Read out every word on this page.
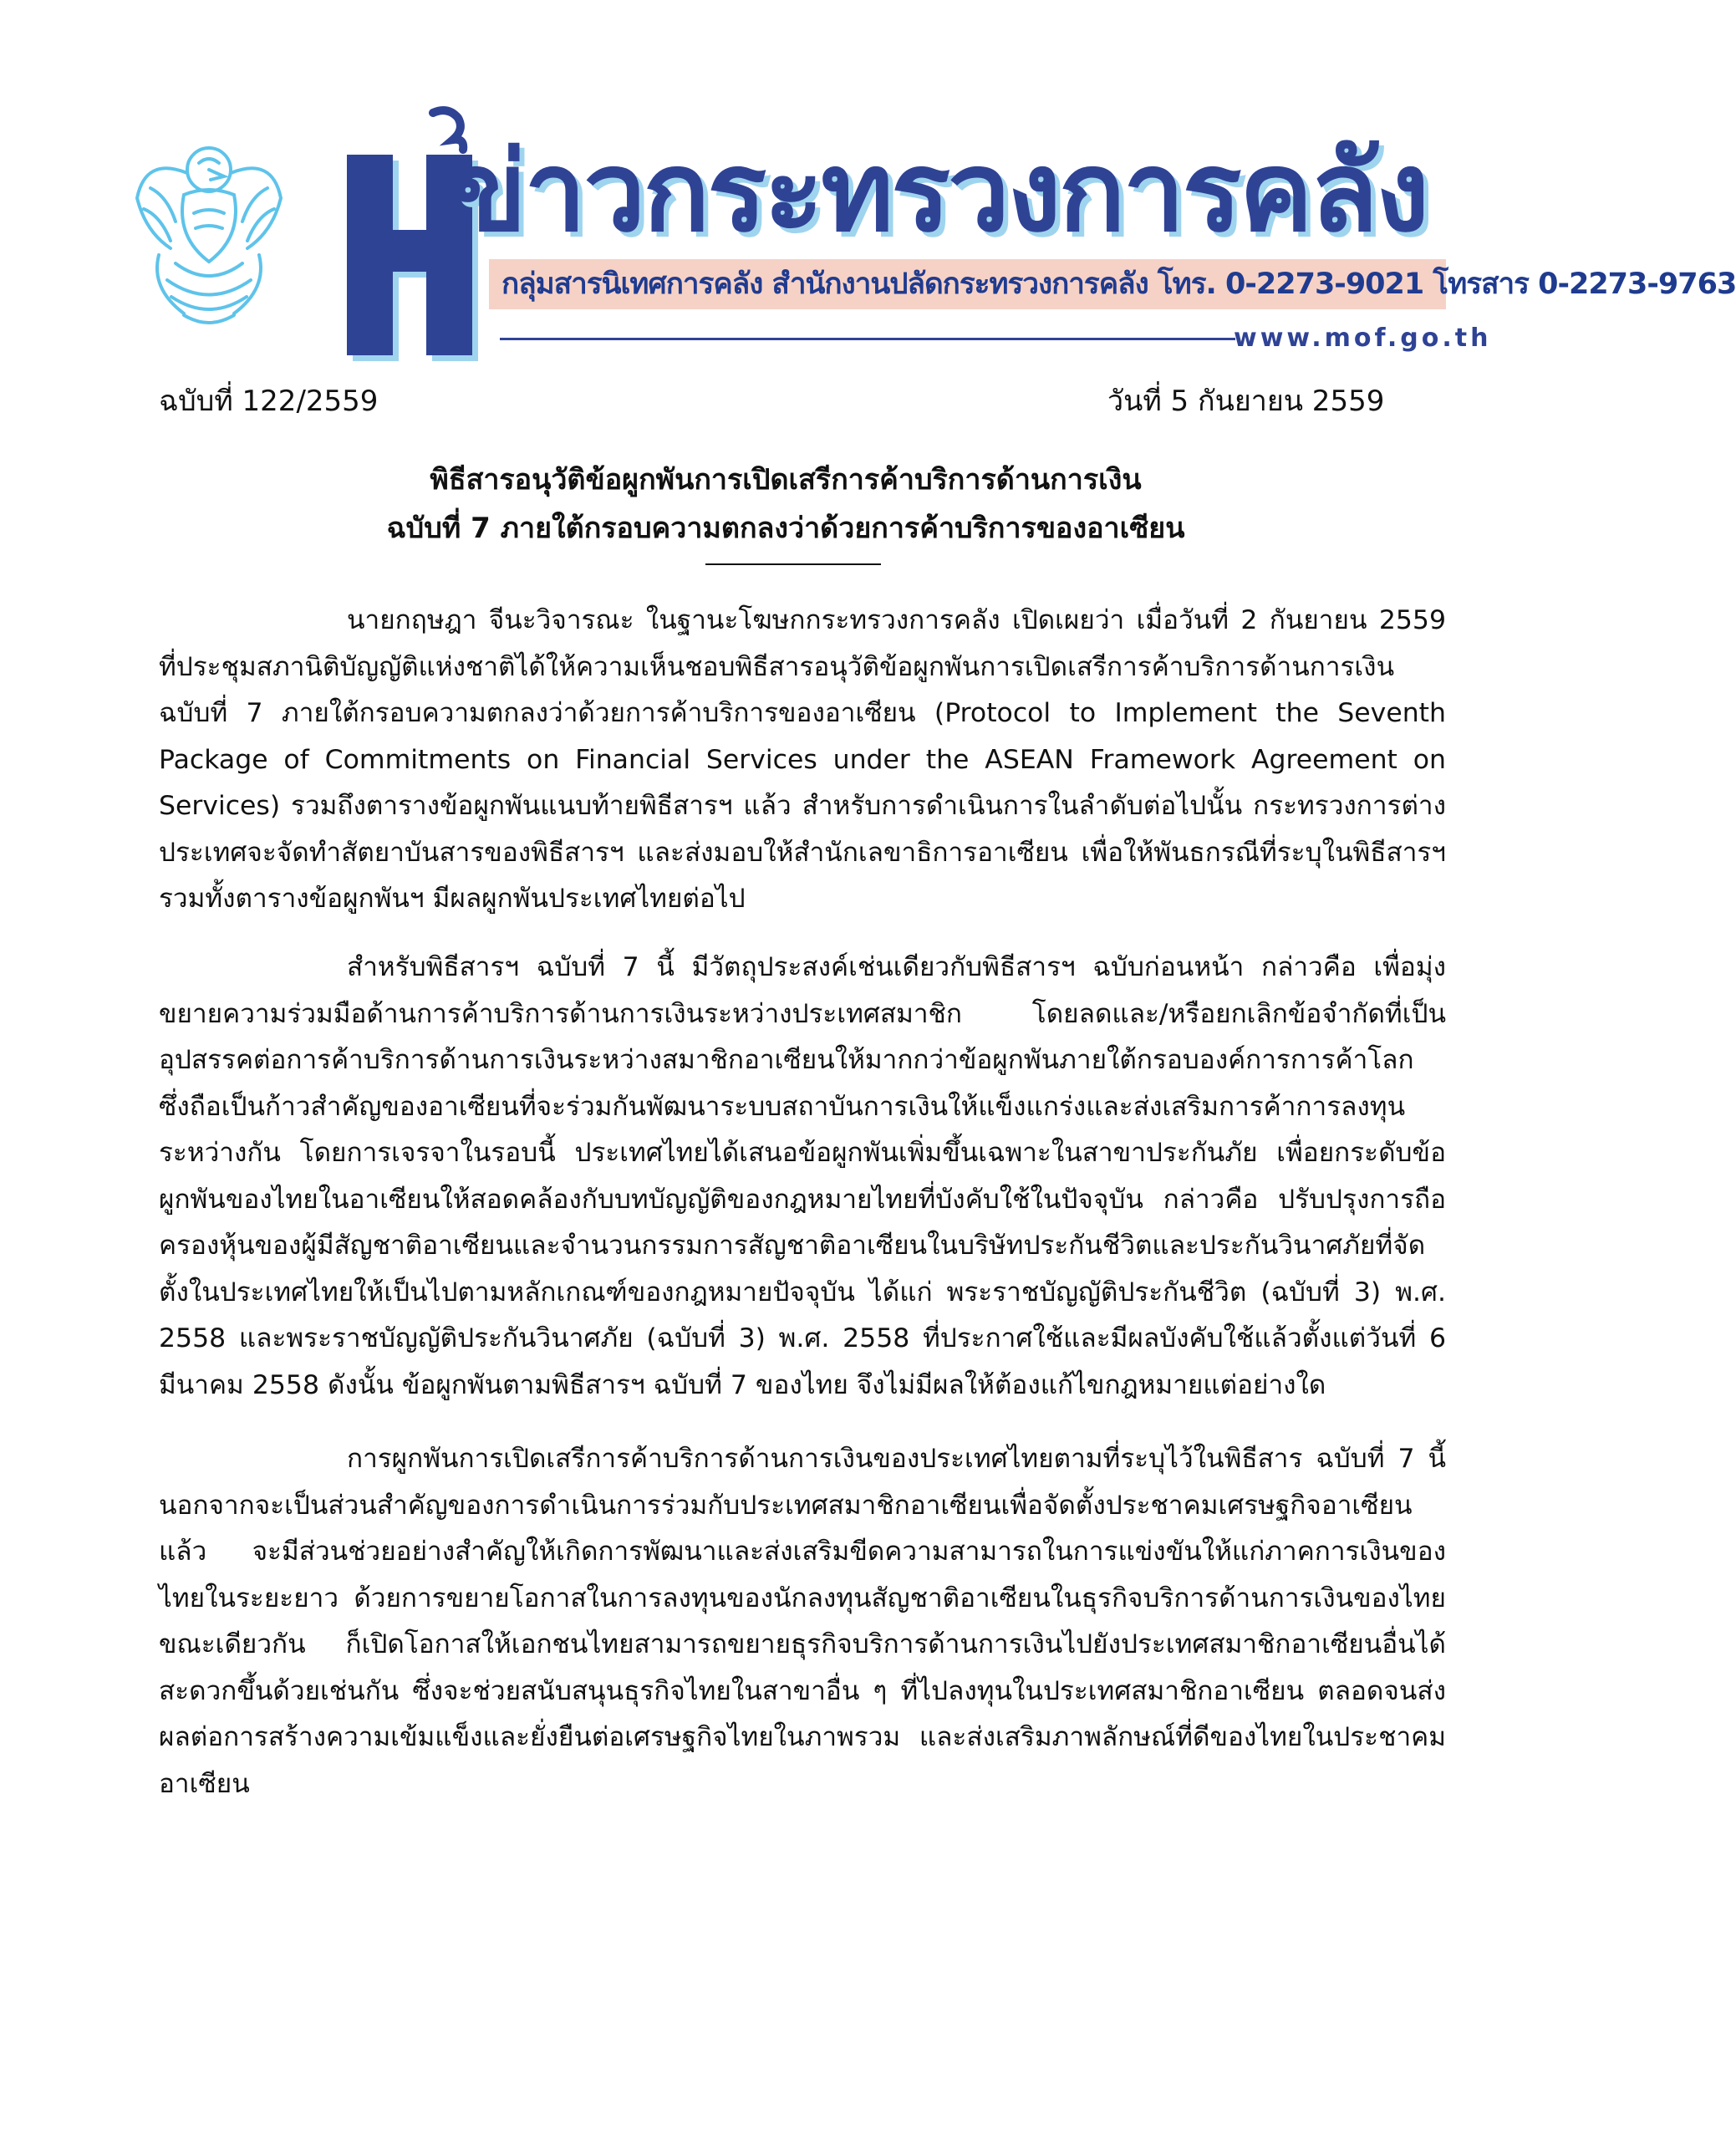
ข่าวกระทรวงการคลัง
กลุ่มสารนิเทศการคลัง สำนักงานปลัดกระทรวงการคลัง โทร. 0-2273-9021 โทรสาร 0-2273-9763
www.mof.go.th
ฉบับที่ 122/2559	วันที่ 5 กันยายน 2559
พิธีสารอนุวัติข้อผูกพันการเปิดเสรีการค้าบริการด้านการเงิน
ฉบับที่ 7 ภายใต้กรอบความตกลงว่าด้วยการค้าบริการของอาเซียน
นายกฤษฎา จีนะวิจารณะ ในฐานะโฆษกกระทรวงการคลัง เปิดเผยว่า เมื่อวันที่ 2 กันยายน 2559 ที่ประชุมสภานิติบัญญัติแห่งชาติได้ให้ความเห็นชอบพิธีสารอนุวัติข้อผูกพันการเปิดเสรีการค้าบริการด้านการเงิน ฉบับที่ 7 ภายใต้กรอบความตกลงว่าด้วยการค้าบริการของอาเซียน (Protocol to Implement the Seventh Package of Commitments on Financial Services under the ASEAN Framework Agreement on Services) รวมถึงตารางข้อผูกพันแนบท้ายพิธีสารฯ แล้ว สำหรับการดำเนินการในลำดับต่อไปนั้น กระทรวงการต่างประเทศจะจัดทำสัตยาบันสารของพิธีสารฯ และส่งมอบให้สำนักเลขาธิการอาเซียน เพื่อให้พันธกรณีที่ระบุในพิธีสารฯ รวมทั้งตารางข้อผูกพันฯ มีผลผูกพันประเทศไทยต่อไป
สำหรับพิธีสารฯ ฉบับที่ 7 นี้ มีวัตถุประสงค์เช่นเดียวกับพิธีสารฯ ฉบับก่อนหน้า กล่าวคือ เพื่อมุ่งขยายความร่วมมือด้านการค้าบริการด้านการเงินระหว่างประเทศสมาชิก โดยลดและ/หรือยกเลิกข้อจำกัดที่เป็นอุปสรรคต่อการค้าบริการด้านการเงินระหว่างสมาชิกอาเซียนให้มากกว่าข้อผูกพันภายใต้กรอบองค์การการค้าโลก ซึ่งถือเป็นก้าวสำคัญของอาเซียนที่จะร่วมกันพัฒนาระบบสถาบันการเงินให้แข็งแกร่งและส่งเสริมการค้าการลงทุนระหว่างกัน โดยการเจรจาในรอบนี้ ประเทศไทยได้เสนอข้อผูกพันเพิ่มขึ้นเฉพาะในสาขาประกันภัย เพื่อยกระดับข้อผูกพันของไทยในอาเซียนให้สอดคล้องกับบทบัญญัติของกฎหมายไทยที่บังคับใช้ในปัจจุบัน กล่าวคือ ปรับปรุงการถือครองหุ้นของผู้มีสัญชาติอาเซียนและจำนวนกรรมการสัญชาติอาเซียนในบริษัทประกันชีวิตและประกันวินาศภัยที่จัดตั้งในประเทศไทยให้เป็นไปตามหลักเกณฑ์ของกฎหมายปัจจุบัน ได้แก่ พระราชบัญญัติประกันชีวิต (ฉบับที่ 3) พ.ศ. 2558 และพระราชบัญญัติประกันวินาศภัย (ฉบับที่ 3) พ.ศ. 2558 ที่ประกาศใช้และมีผลบังคับใช้แล้วตั้งแต่วันที่ 6 มีนาคม 2558 ดังนั้น ข้อผูกพันตามพิธีสารฯ ฉบับที่ 7 ของไทย จึงไม่มีผลให้ต้องแก้ไขกฎหมายแต่อย่างใด
การผูกพันการเปิดเสรีการค้าบริการด้านการเงินของประเทศไทยตามที่ระบุไว้ในพิธีสาร ฉบับที่ 7 นี้ นอกจากจะเป็นส่วนสำคัญของการดำเนินการร่วมกับประเทศสมาชิกอาเซียนเพื่อจัดตั้งประชาคมเศรษฐกิจอาเซียนแล้ว จะมีส่วนช่วยอย่างสำคัญให้เกิดการพัฒนาและส่งเสริมขีดความสามารถในการแข่งขันให้แก่ภาคการเงินของไทยในระยะยาว ด้วยการขยายโอกาสในการลงทุนของนักลงทุนสัญชาติอาเซียนในธุรกิจบริการด้านการเงินของไทย ขณะเดียวกัน ก็เปิดโอกาสให้เอกชนไทยสามารถขยายธุรกิจบริการด้านการเงินไปยังประเทศสมาชิกอาเซียนอื่นได้สะดวกขึ้นด้วยเช่นกัน ซึ่งจะช่วยสนับสนุนธุรกิจไทยในสาขาอื่น ๆ ที่ไปลงทุนในประเทศสมาชิกอาเซียน ตลอดจนส่งผลต่อการสร้างความเข้มแข็งและยั่งยืนต่อเศรษฐกิจไทยในภาพรวม และส่งเสริมภาพลักษณ์ที่ดีของไทยในประชาคมอาเซียน
